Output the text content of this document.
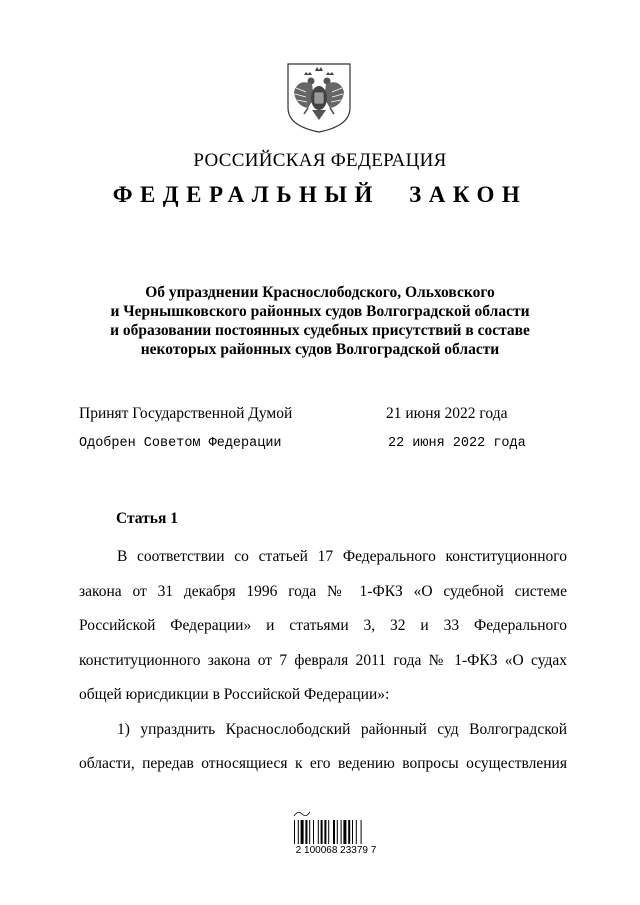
РОССИЙСКАЯ ФЕДЕРАЦИЯ
ФЕДЕРАЛЬНЫЙ ЗАКОН
Об упразднении Краснослободского, Ольховского
и Чернышковского районных судов Волгоградской области
и образовании постоянных судебных присутствий в составе
некоторых районных судов Волгоградской области
Принят Государственной Думой	21 июня 2022 года
Одобрен Советом Федерации	22 июня 2022 года
Статья 1

В соответствии со статьей 17 Федерального конституционного закона от 31 декабря 1996 года № 1-ФКЗ «О судебной системе Российской Федерации» и статьями 3, 32 и 33 Федерального конституционного закона от 7 февраля 2011 года № 1-ФКЗ «О судах общей юрисдикции в Российской Федерации»:

1) упразднить Краснослободский районный суд Волгоградской области, передав относящиеся к его ведению вопросы осуществления

2 100068 23379 7
